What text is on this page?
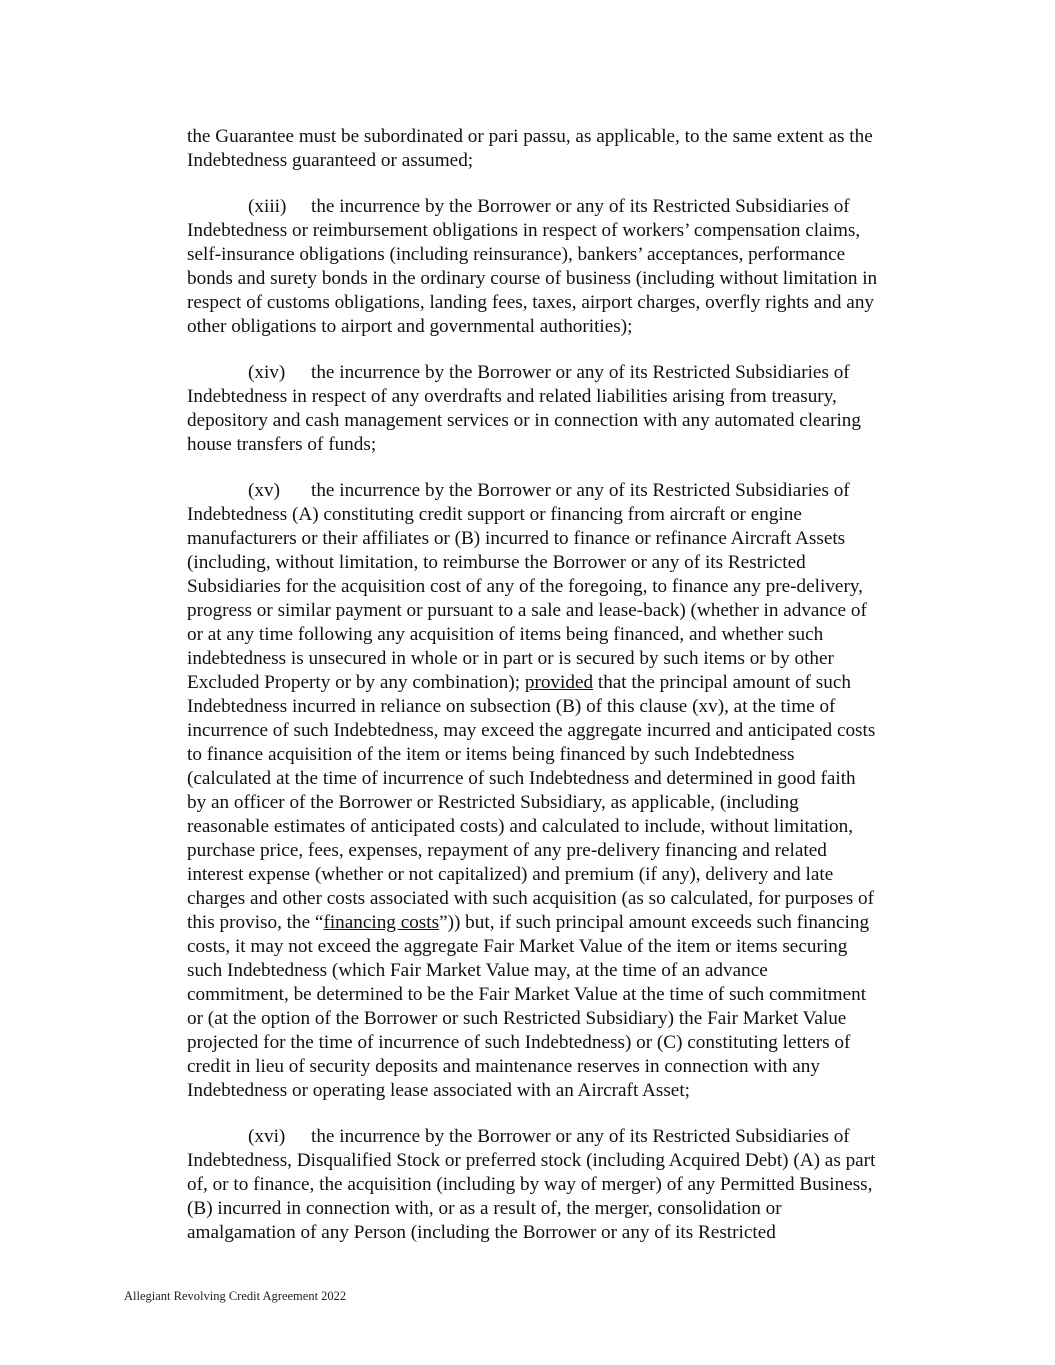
the Guarantee must be subordinated or pari passu, as applicable, to the same extent as the
Indebtedness guaranteed or assumed;

(xiii) the incurrence by the Borrower or any of its Restricted Subsidiaries of
Indebtedness or reimbursement obligations in respect of workers’ compensation claims,
self-insurance obligations (including reinsurance), bankers’ acceptances, performance
bonds and surety bonds in the ordinary course of business (including without limitation in
respect of customs obligations, landing fees, taxes, airport charges, overfly rights and any
other obligations to airport and governmental authorities);

(xiv) the incurrence by the Borrower or any of its Restricted Subsidiaries of
Indebtedness in respect of any overdrafts and related liabilities arising from treasury,
depository and cash management services or in connection with any automated clearing
house transfers of funds;

(xv) the incurrence by the Borrower or any of its Restricted Subsidiaries of
Indebtedness (A) constituting credit support or financing from aircraft or engine
manufacturers or their affiliates or (B) incurred to finance or refinance Aircraft Assets
(including, without limitation, to reimburse the Borrower or any of its Restricted
Subsidiaries for the acquisition cost of any of the foregoing, to finance any pre-delivery,
progress or similar payment or pursuant to a sale and lease-back) (whether in advance of
or at any time following any acquisition of items being financed, and whether such
indebtedness is unsecured in whole or in part or is secured by such items or by other
Excluded Property or by any combination); provided that the principal amount of such
Indebtedness incurred in reliance on subsection (B) of this clause (xv), at the time of
incurrence of such Indebtedness, may exceed the aggregate incurred and anticipated costs
to finance acquisition of the item or items being financed by such Indebtedness
(calculated at the time of incurrence of such Indebtedness and determined in good faith
by an officer of the Borrower or Restricted Subsidiary, as applicable, (including
reasonable estimates of anticipated costs) and calculated to include, without limitation,
purchase price, fees, expenses, repayment of any pre-delivery financing and related
interest expense (whether or not capitalized) and premium (if any), delivery and late
charges and other costs associated with such acquisition (as so calculated, for purposes of
this proviso, the “financing costs”)) but, if such principal amount exceeds such financing
costs, it may not exceed the aggregate Fair Market Value of the item or items securing
such Indebtedness (which Fair Market Value may, at the time of an advance
commitment, be determined to be the Fair Market Value at the time of such commitment
or (at the option of the Borrower or such Restricted Subsidiary) the Fair Market Value
projected for the time of incurrence of such Indebtedness) or (C) constituting letters of
credit in lieu of security deposits and maintenance reserves in connection with any
Indebtedness or operating lease associated with an Aircraft Asset;

(xvi) the incurrence by the Borrower or any of its Restricted Subsidiaries of
Indebtedness, Disqualified Stock or preferred stock (including Acquired Debt) (A) as part
of, or to finance, the acquisition (including by way of merger) of any Permitted Business,
(B) incurred in connection with, or as a result of, the merger, consolidation or
amalgamation of any Person (including the Borrower or any of its Restricted

Allegiant Revolving Credit Agreement 2022
